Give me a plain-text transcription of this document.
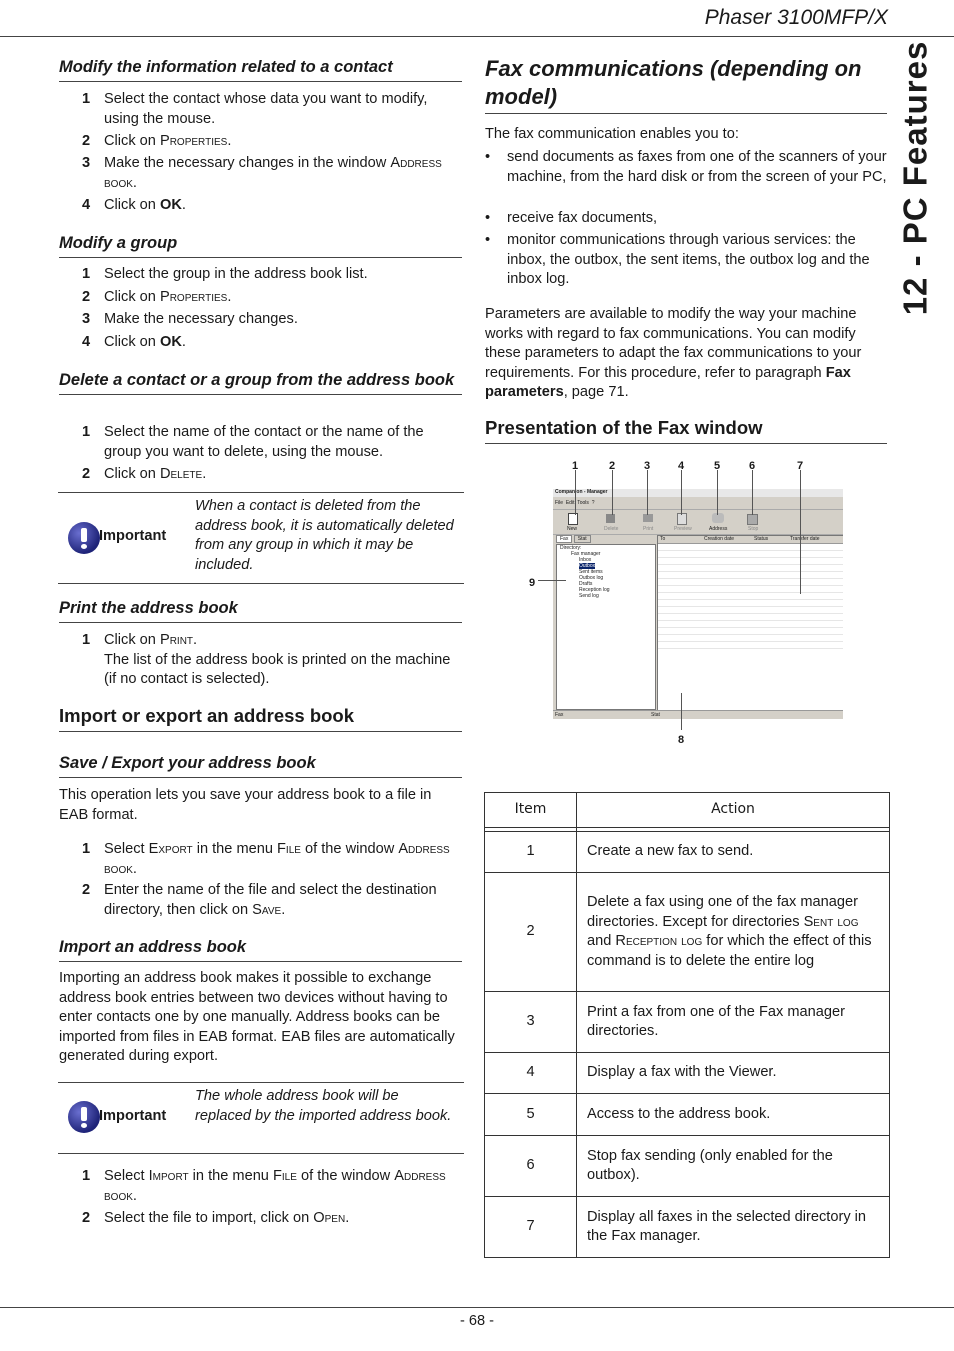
Phaser 3100MFP/X
12 - PC Features
Modify the information related to a contact
1 Select the contact whose data you want to modify, using the mouse.
2 Click on Properties.
3 Make the necessary changes in the window Address book.
4 Click on OK.
Modify a group
1 Select the group in the address book list.
2 Click on Properties.
3 Make the necessary changes.
4 Click on OK.
Delete a contact or a group from the address book
1 Select the name of the contact or the name of the group you want to delete, using the mouse.
2 Click on Delete.
Important
When a contact is deleted from the address book, it is automatically deleted from any group in which it may be included.
Print the address book
1 Click on Print.
The list of the address book is printed on the machine (if no contact is selected).
Import or export an address book
Save / Export your address book
This operation lets you save your address book to a file in EAB format.
1 Select Export in the menu File of the window Address book.
2 Enter the name of the file and select the destination directory, then click on Save.
Import an address book
Importing an address book makes it possible to exchange address book entries between two devices without having to enter contacts one by one manually. Address books can be imported from files in EAB format. EAB files are automatically generated during export.
Important
The whole address book will be replaced by the imported address book.
1 Select Import in the menu File of the window Address book.
2 Select the file to import, click on Open.
Fax communications (depending on model)
The fax communication enables you to:
• send documents as faxes from one of the scanners of your machine, from the hard disk or from the screen of your PC,
• receive fax documents,
• monitor communications through various services: the inbox, the outbox, the sent items, the outbox log and the inbox log.
Parameters are available to modify the way your machine works with regard to fax communications. You can modify these parameters to adapt the fax communications to your requirements. For this procedure, refer to paragraph Fax parameters, page 71.
Presentation of the Fax window
1	2	3	4	5	6	7
8
9
Companion - Manager
File Edit Tools ?
New	Delete	Print	Preview	Address	Stop
Fax Stat
Directory:
Fax manager
Inbox
Outbox
Sent items
Outbox log
Drafts
Reception log
Send log
To	Creation date	Status	Transfer date
Fax	Stat
Item	Action

1	Create a new fax to send.
2	Delete a fax using one of the fax manager directories. Except for directories Sent log and Reception log for which the effect of this command is to delete the entire log
3	Print a fax from one of the Fax manager directories.
4	Display a fax with the Viewer.
5	Access to the address book.
6	Stop fax sending (only enabled for the outbox).
7	Display all faxes in the selected directory in the Fax manager.
- 68 -
